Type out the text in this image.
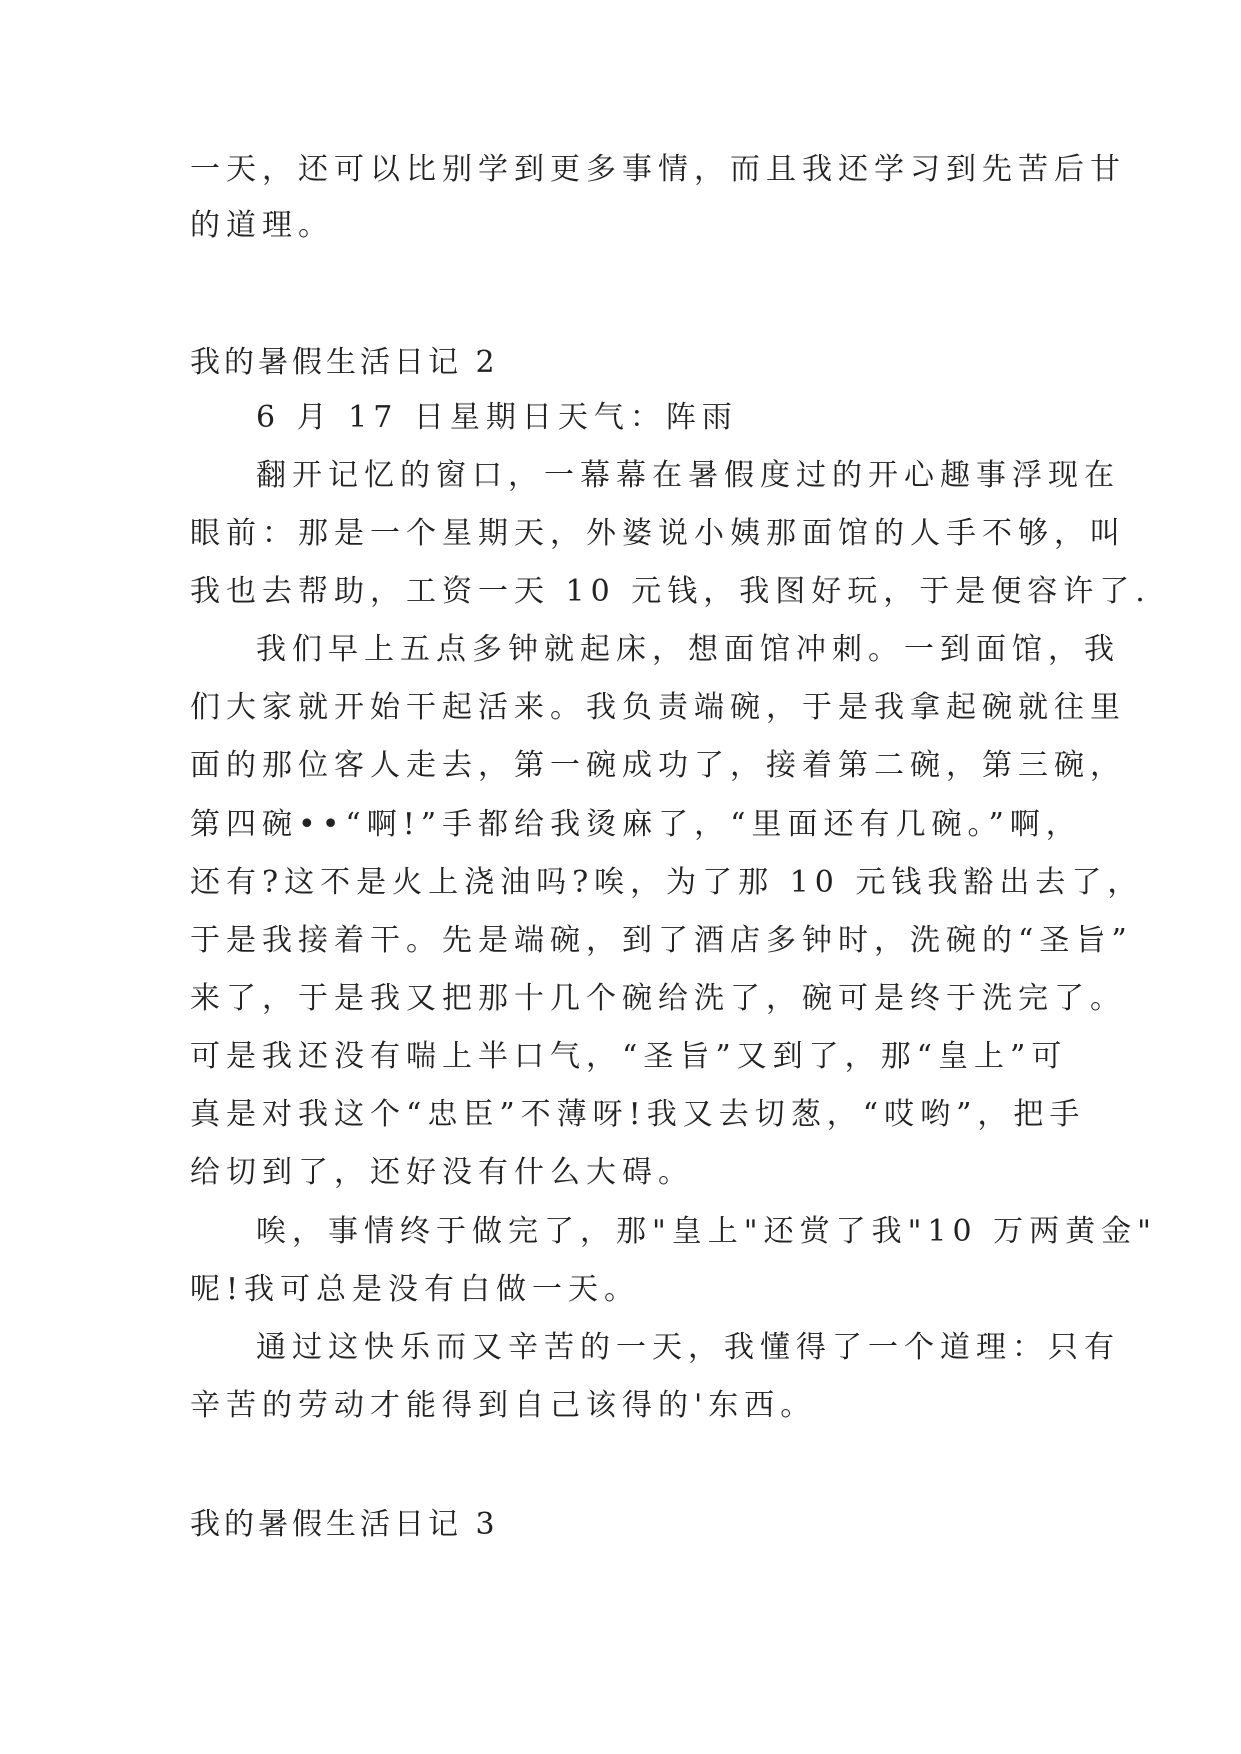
一天，还可以比别学到更多事情，而且我还学习到先苦后甘
的道理。
我的暑假生活日记 2
6 月 17 日星期日天气：阵雨
翻开记忆的窗口，一幕幕在暑假度过的开心趣事浮现在
眼前：那是一个星期天，外婆说小姨那面馆的人手不够，叫
我也去帮助，工资一天 10 元钱，我图好玩，于是便容许了.
我们早上五点多钟就起床，想面馆冲刺。一到面馆，我
们大家就开始干起活来。我负责端碗，于是我拿起碗就往里
面的那位客人走去，第一碗成功了，接着第二碗，第三碗，
第四碗••“啊!”手都给我烫麻了，“里面还有几碗。”啊，
还有?这不是火上浇油吗?唉，为了那 10 元钱我豁出去了，
于是我接着干。先是端碗，到了酒店多钟时，洗碗的“圣旨”
来了，于是我又把那十几个碗给洗了，碗可是终于洗完了。
可是我还没有喘上半口气，“圣旨”又到了，那“皇上”可
真是对我这个“忠臣”不薄呀!我又去切葱，“哎哟”，把手
给切到了，还好没有什么大碍。
唉，事情终于做完了，那"皇上"还赏了我"10 万两黄金"
呢!我可总是没有白做一天。
通过这快乐而又辛苦的一天，我懂得了一个道理：只有
辛苦的劳动才能得到自己该得的'东西。
我的暑假生活日记 3
